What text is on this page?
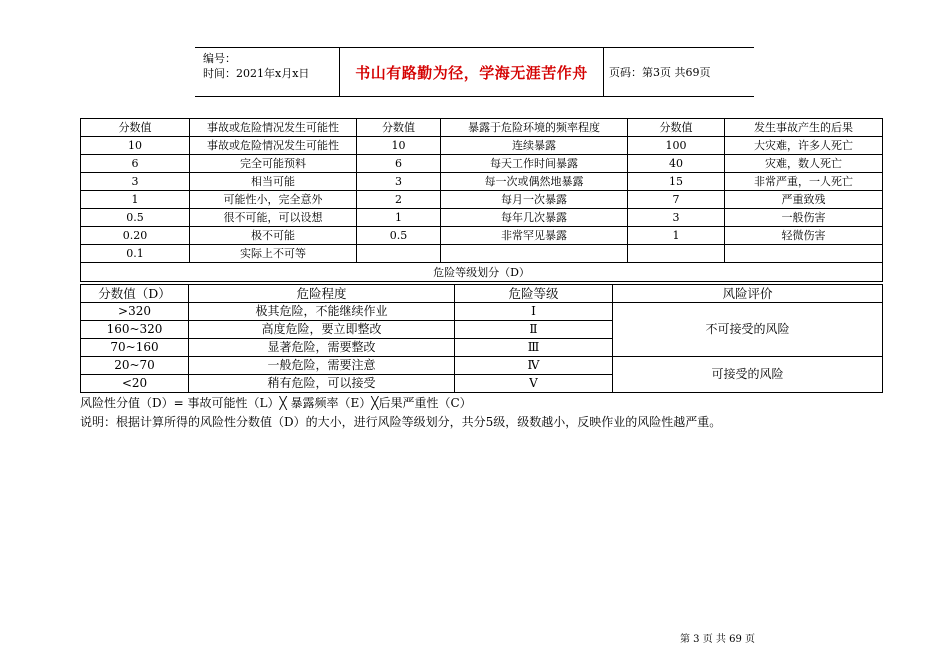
编号：
时间：2021年x月x日	书山有路勤为径，学海无涯苦作舟	页码：第3页 共69页
分数值	事故或危险情况发生可能性	分数值	暴露于危险环境的频率程度	分数值	发生事故产生的后果
10	事故或危险情况发生可能性	10	连续暴露	100	大灾难，许多人死亡
6	完全可能预料	6	每天工作时间暴露	40	灾难，数人死亡
3	相当可能	3	每一次或偶然地暴露	15	非常严重，一人死亡
1	可能性小，完全意外	2	每月一次暴露	7	严重致残
0.5	很不可能，可以设想	1	每年几次暴露	3	一般伤害
0.20	极不可能	0.5	非常罕见暴露	1	轻微伤害
0.1	实际上不可等				
危险等级划分（D）					
分数值（D）	危险程度	危险等级	风险评价
>320	极其危险，不能继续作业	Ⅰ	不可接受的风险
160~320	高度危险，要立即整改	Ⅱ	
70~160	显著危险，需要整改	Ⅲ	
20~70	一般危险，需要注意	Ⅳ	可接受的风险
<20	稍有危险，可以接受	Ⅴ	
风险性分值（D）= 事故可能性（L）╳ 暴露频率（E）╳后果严重性（C）
说明：根据计算所得的风险性分数值（D）的大小，进行风险等级划分，共分5级，级数越小，反映作业的风险性越严重。
第 3 页 共 69 页
